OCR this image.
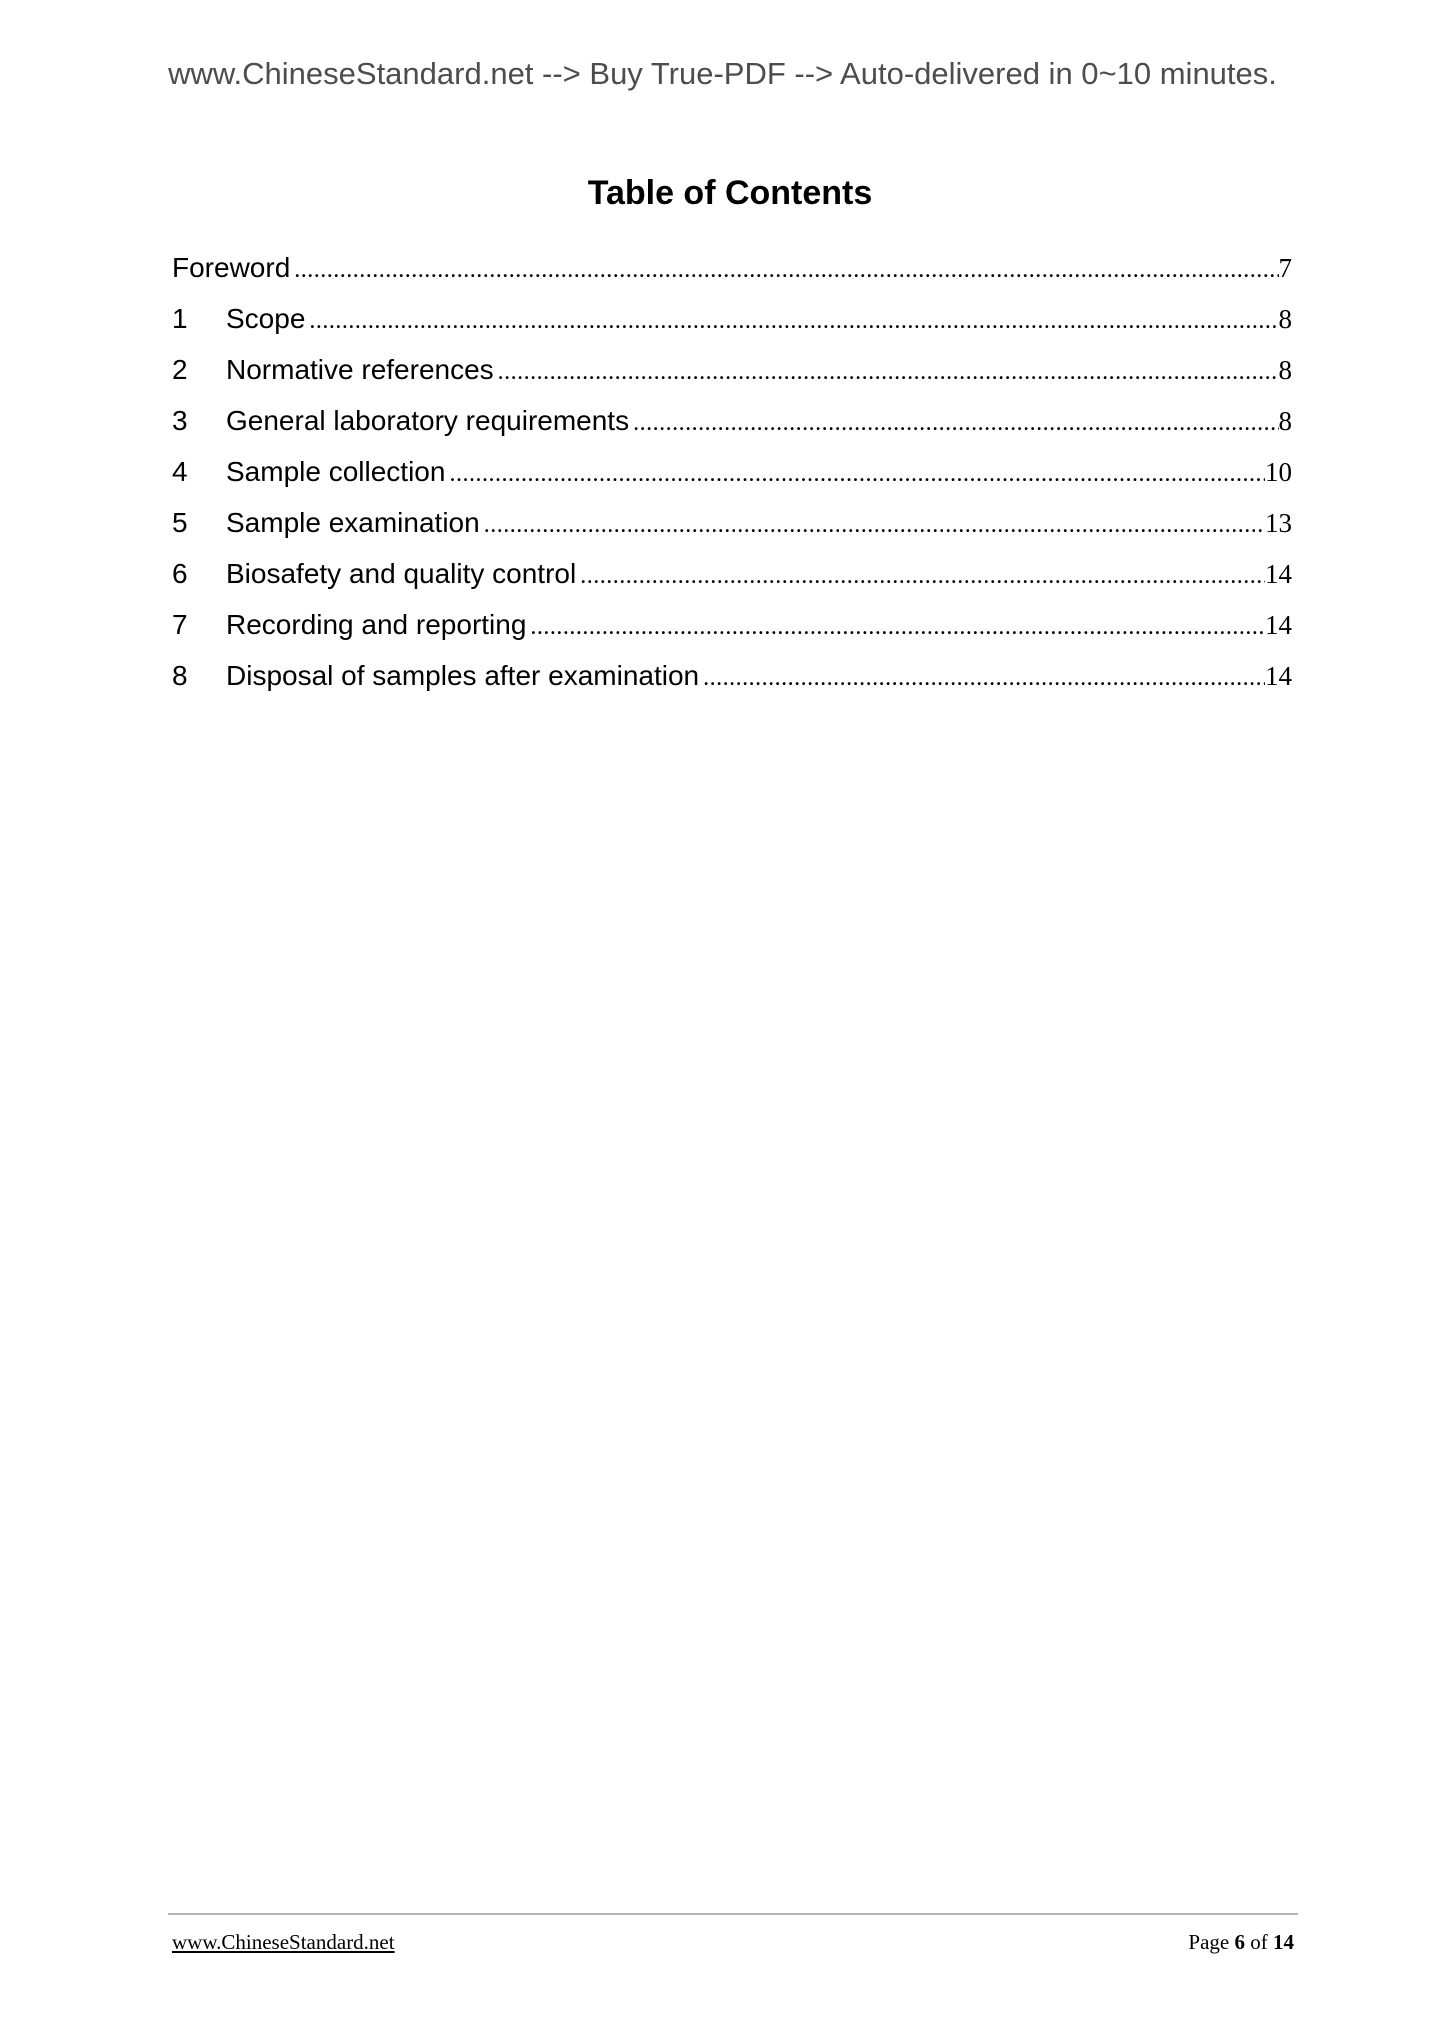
www.ChineseStandard.net --> Buy True-PDF --> Auto-delivered in 0~10 minutes.
Table of Contents
Foreword .....	7
1	Scope .....	8
2	Normative references .....	8
3	General laboratory requirements .....	8
4	Sample collection .....	10
5	Sample examination .....	13
6	Biosafety and quality control .....	14
7	Recording and reporting .....	14
8	Disposal of samples after examination .....	14
www.ChineseStandard.net	Page 6 of 14
